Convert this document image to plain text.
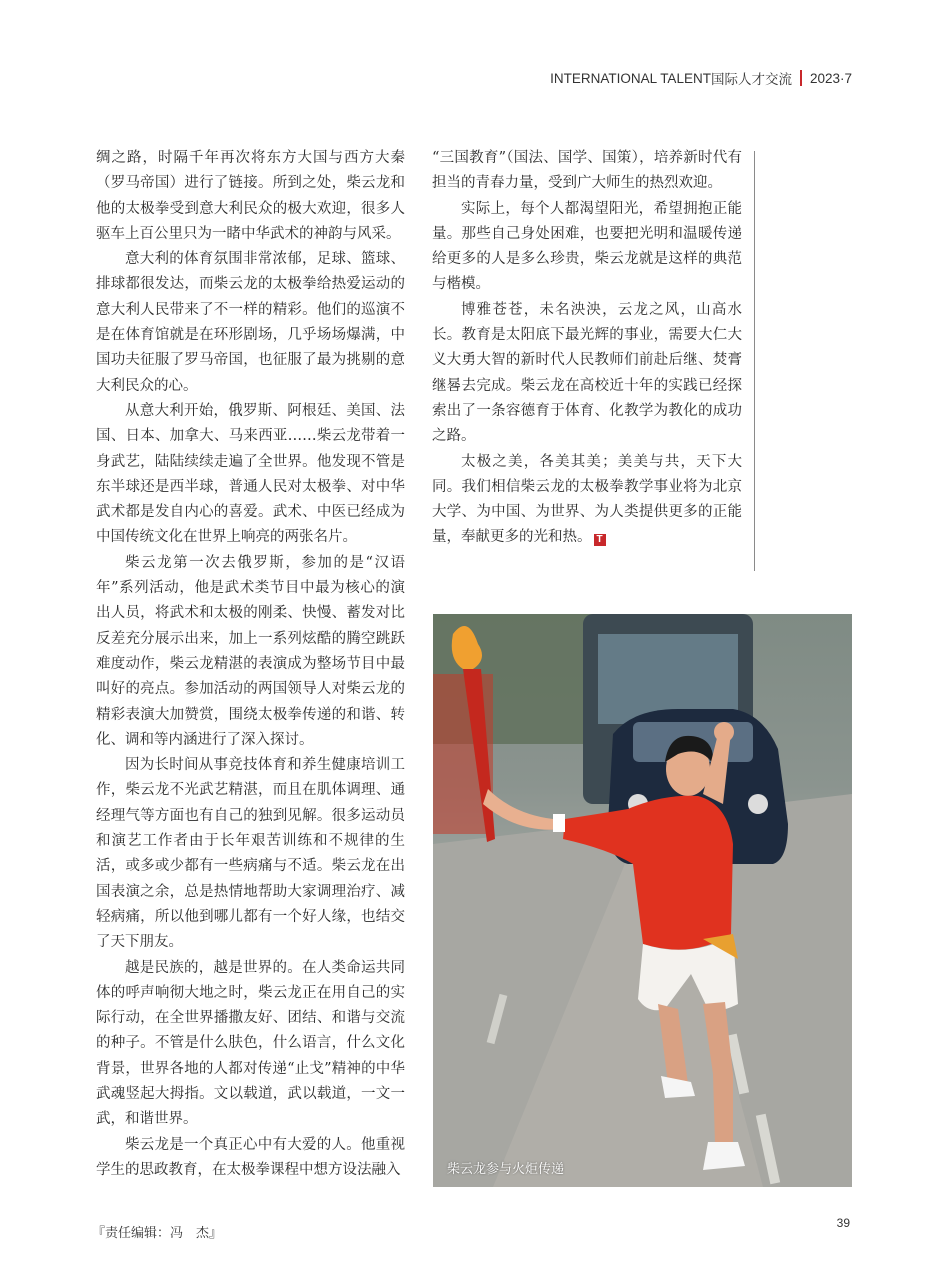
INTERNATIONAL TALENT 国际人才交流 2023·7

绸之路，时隔千年再次将东方大国与西方大秦（罗马帝国）进行了链接。所到之处，柴云龙和他的太极拳受到意大利民众的极大欢迎，很多人驱车上百公里只为一睹中华武术的神韵与风采。

意大利的体育氛围非常浓郁，足球、篮球、排球都很发达，而柴云龙的太极拳给热爱运动的意大利人民带来了不一样的精彩。他们的巡演不是在体育馆就是在环形剧场，几乎场场爆满，中国功夫征服了罗马帝国，也征服了最为挑剔的意大利民众的心。

从意大利开始，俄罗斯、阿根廷、美国、法国、日本、加拿大、马来西亚……柴云龙带着一身武艺，陆陆续续走遍了全世界。他发现不管是东半球还是西半球，普通人民对太极拳、对中华武术都是发自内心的喜爱。武术、中医已经成为中国传统文化在世界上响亮的两张名片。

柴云龙第一次去俄罗斯，参加的是“汉语年”系列活动，他是武术类节目中最为核心的演出人员，将武术和太极的刚柔、快慢、蓄发对比反差充分展示出来，加上一系列炫酷的腾空跳跃难度动作，柴云龙精湛的表演成为整场节目中最叫好的亮点。参加活动的两国领导人对柴云龙的精彩表演大加赞赏，围绕太极拳传递的和谐、转化、调和等内涵进行了深入探讨。

因为长时间从事竞技体育和养生健康培训工作，柴云龙不光武艺精湛，而且在肌体调理、通经理气等方面也有自己的独到见解。很多运动员和演艺工作者由于长年艰苦训练和不规律的生活，或多或少都有一些病痛与不适。柴云龙在出国表演之余，总是热情地帮助大家调理治疗、减轻病痛，所以他到哪儿都有一个好人缘，也结交了天下朋友。

越是民族的，越是世界的。在人类命运共同体的呼声响彻大地之时，柴云龙正在用自己的实际行动，在全世界播撒友好、团结、和谐与交流的种子。不管是什么肤色，什么语言，什么文化背景，世界各地的人都对传递“止戈”精神的中华武魂竖起大拇指。文以载道，武以载道，一文一武，和谐世界。

柴云龙是一个真正心中有大爱的人。他重视学生的思政教育，在太极拳课程中想方设法融入

“三国教育”（国法、国学、国策），培养新时代有担当的青春力量，受到广大师生的热烈欢迎。

实际上，每个人都渴望阳光，希望拥抱正能量。那些自己身处困难，也要把光明和温暖传递给更多的人是多么珍贵，柴云龙就是这样的典范与楷模。

博雅苍苍，未名泱泱，云龙之风，山高水长。教育是太阳底下最光辉的事业，需要大仁大义大勇大智的新时代人民教师们前赴后继、焚膏继晷去完成。柴云龙在高校近十年的实践已经探索出了一条容德育于体育、化教学为教化的成功之路。

太极之美，各美其美；美美与共，天下大同。我们相信柴云龙的太极拳教学事业将为北京大学、为中国、为世界、为人类提供更多的正能量，奉献更多的光和热。 T

柴云龙参与火炬传递
『责任编辑：冯　杰』
39
